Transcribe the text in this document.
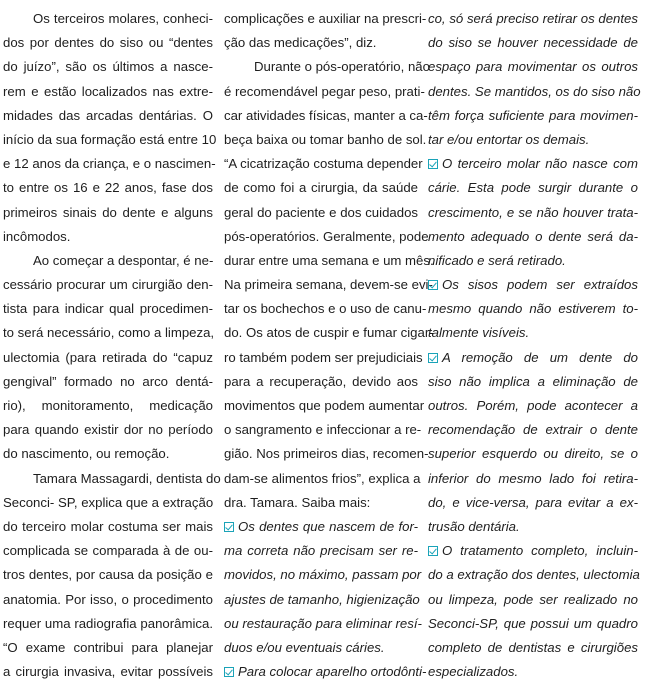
Os terceiros molares, conheci-
dos por dentes do siso ou “dentes
do juízo”, são os últimos a nasce-
rem e estão localizados nas extre-
midades das arcadas dentárias. O
início da sua formação está entre 10
e 12 anos da criança, e o nascimen-
to entre os 16 e 22 anos, fase dos
primeiros sinais do dente e alguns
incômodos.
Ao começar a despontar, é ne-
cessário procurar um cirurgião den-
tista para indicar qual procedimen-
to será necessário, como a limpeza,
ulectomia (para retirada do “capuz
gengival” formado no arco dentá-
rio), monitoramento, medicação
para quando existir dor no período
do nascimento, ou remoção.
Tamara Massagardi, dentista do
Seconci- SP, explica que a extração
do terceiro molar costuma ser mais
complicada se comparada à de ou-
tros dentes, por causa da posição e
anatomia. Por isso, o procedimento
requer uma radiografia panorâmica.
“O exame contribui para planejar
a cirurgia invasiva, evitar possíveis
complicações e auxiliar na prescri-
ção das medicações”, diz.
Durante o pós-operatório, não
é recomendável pegar peso, prati-
car atividades físicas, manter a ca-
beça baixa ou tomar banho de sol.
“A cicatrização costuma depender
de como foi a cirurgia, da saúde
geral do paciente e dos cuidados
pós-operatórios. Geralmente, pode
durar entre uma semana e um mês.
Na primeira semana, devem-se evi-
tar os bochechos e o uso de canu-
do. Os atos de cuspir e fumar cigar-
ro também podem ser prejudiciais
para a recuperação, devido aos
movimentos que podem aumentar
o sangramento e infeccionar a re-
gião. Nos primeiros dias, recomen-
dam-se alimentos frios”, explica a
dra. Tamara. Saiba mais:
Os dentes que nascem de for-
ma correta não precisam ser re-
movidos, no máximo, passam por
ajustes de tamanho, higienização
ou restauração para eliminar resí-
duos e/ou eventuais cáries.
Para colocar aparelho ortodônti-
co, só será preciso retirar os dentes
do siso se houver necessidade de
espaço para movimentar os outros
dentes. Se mantidos, os do siso não
têm força suficiente para movimen-
tar e/ou entortar os demais.
O terceiro molar não nasce com
cárie. Esta pode surgir durante o
crescimento, e se não houver trata-
mento adequado o dente será da-
nificado e será retirado.
Os sisos podem ser extraídos
mesmo quando não estiverem to-
talmente visíveis.
A remoção de um dente do
siso não implica a eliminação de
outros. Porém, pode acontecer a
recomendação de extrair o dente
superior esquerdo ou direito, se o
inferior do mesmo lado foi retira-
do, e vice-versa, para evitar a ex-
trusão dentária.
O tratamento completo, incluin-
do a extração dos dentes, ulectomia
ou limpeza, pode ser realizado no
Seconci-SP, que possui um quadro
completo de dentistas e cirurgiões
especializados.
